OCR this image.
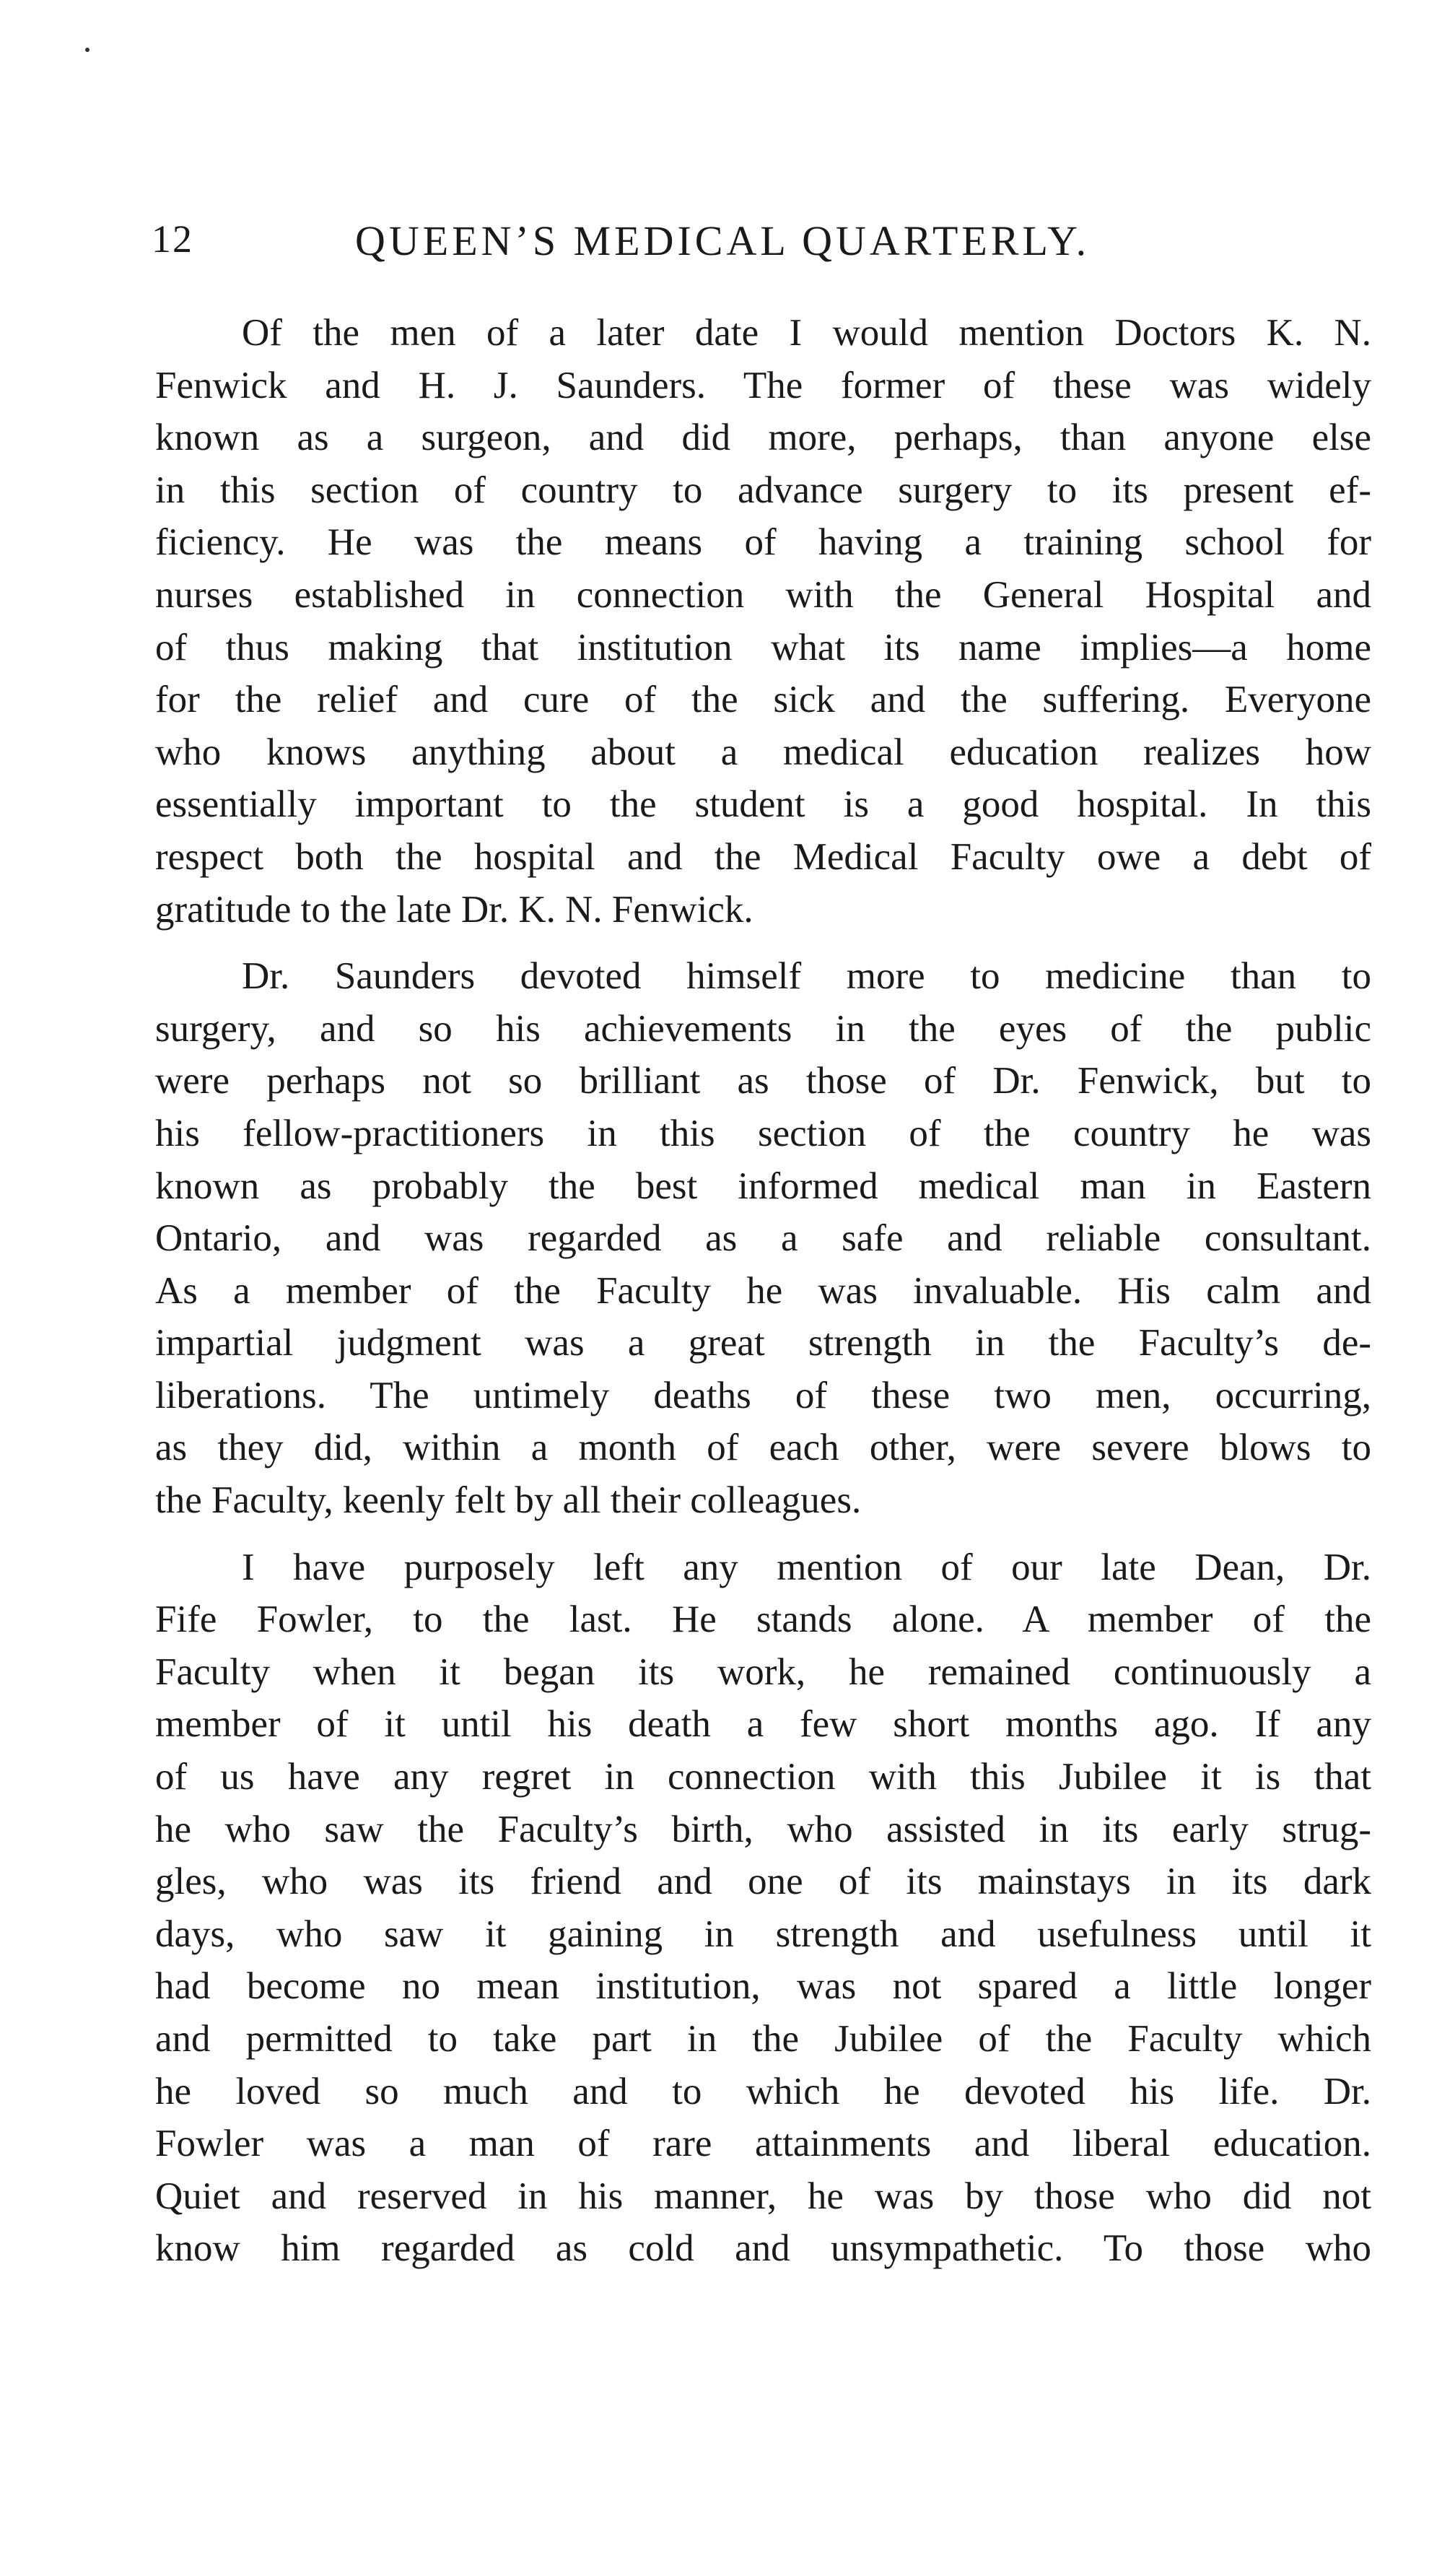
12	QUEEN’S MEDICAL QUARTERLY.
Of the men of a later date I would mention Doctors K. N.
Fenwick and H. J. Saunders. The former of these was widely
known as a surgeon, and did more, perhaps, than anyone else
in this section of country to advance surgery to its present ef-
ficiency. He was the means of having a training school for
nurses established in connection with the General Hospital and
of thus making that institution what its name implies—a home
for the relief and cure of the sick and the suffering. Everyone
who knows anything about a medical education realizes how
essentially important to the student is a good hospital. In this
respect both the hospital and the Medical Faculty owe a debt of
gratitude to the late Dr. K. N. Fenwick.
Dr. Saunders devoted himself more to medicine than to
surgery, and so his achievements in the eyes of the public
were perhaps not so brilliant as those of Dr. Fenwick, but to
his fellow-practitioners in this section of the country he was
known as probably the best informed medical man in Eastern
Ontario, and was regarded as a safe and reliable consultant.
As a member of the Faculty he was invaluable. His calm and
impartial judgment was a great strength in the Faculty’s de-
liberations. The untimely deaths of these two men, occurring,
as they did, within a month of each other, were severe blows to
the Faculty, keenly felt by all their colleagues.
I have purposely left any mention of our late Dean, Dr.
Fife Fowler, to the last. He stands alone. A member of the
Faculty when it began its work, he remained continuously a
member of it until his death a few short months ago. If any
of us have any regret in connection with this Jubilee it is that
he who saw the Faculty’s birth, who assisted in its early strug-
gles, who was its friend and one of its mainstays in its dark
days, who saw it gaining in strength and usefulness until it
had become no mean institution, was not spared a little longer
and permitted to take part in the Jubilee of the Faculty which
he loved so much and to which he devoted his life. Dr.
Fowler was a man of rare attainments and liberal education.
Quiet and reserved in his manner, he was by those who did not
know him regarded as cold and unsympathetic. To those who
